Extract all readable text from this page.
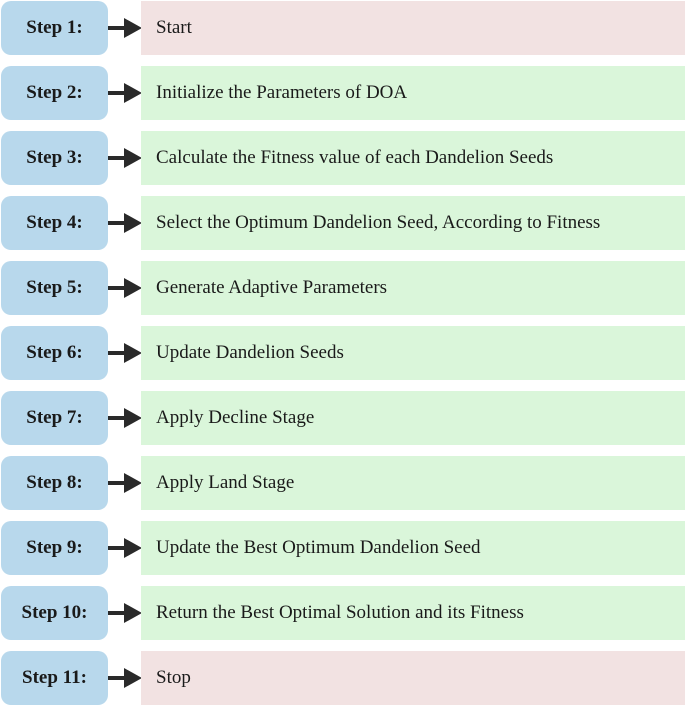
Step 1:	Start
Step 2:	Initialize the Parameters of DOA
Step 3:	Calculate the Fitness value of each Dandelion Seeds
Step 4:	Select the Optimum Dandelion Seed, According to Fitness
Step 5:	Generate Adaptive Parameters
Step 6:	Update Dandelion Seeds
Step 7:	Apply Decline Stage
Step 8:	Apply Land Stage
Step 9:	Update the Best Optimum Dandelion Seed
Step 10:	Return the Best Optimal Solution and its Fitness
Step 11:	Stop
